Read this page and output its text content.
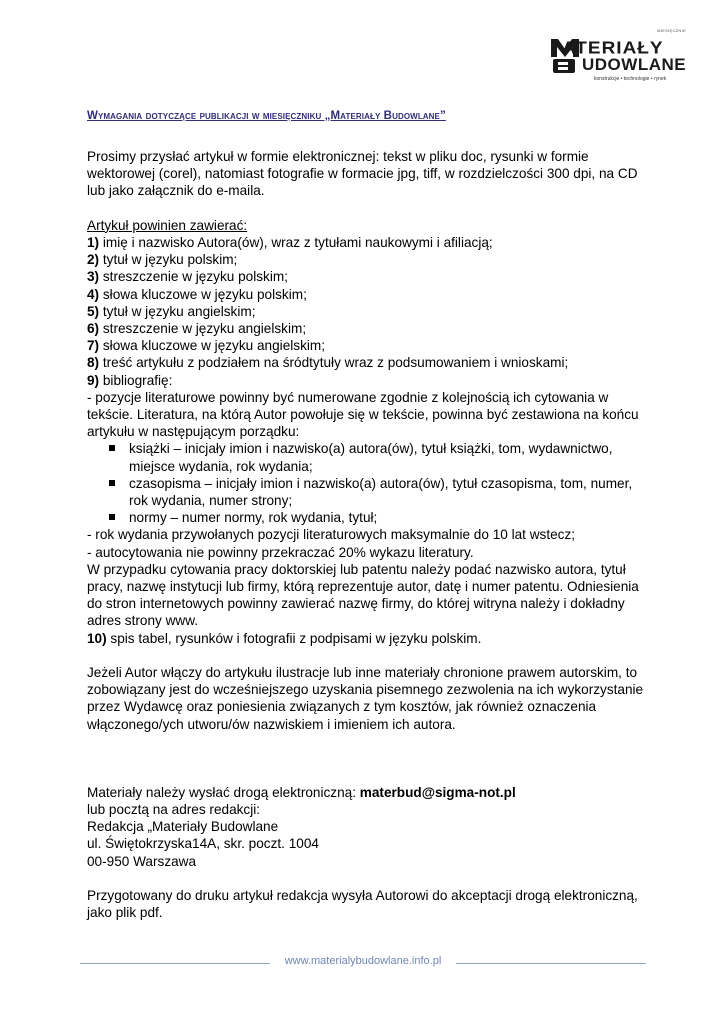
MIESIĘCZNIK
ATERIAŁY
UDOWLANE
konstrukcje • technologie • rynek
Wymagania dotyczące publikacji w miesięczniku „Materiały Budowlane”

Prosimy przysłać artykuł w formie elektronicznej: tekst w pliku doc, rysunki w formie wektorowej (corel), natomiast fotografie w formacie jpg, tiff, w rozdzielczości 300 dpi, na CD lub jako załącznik do e-maila.

Artykuł powinien zawierać:

1) imię i nazwisko Autora(ów), wraz z tytułami naukowymi i afiliacją;

2) tytuł w języku polskim;

3) streszczenie w języku polskim;

4) słowa kluczowe w języku polskim;

5) tytuł w języku angielskim;

6) streszczenie w języku angielskim;

7) słowa kluczowe w języku angielskim;

8) treść artykułu z podziałem na śródtytuły wraz z podsumowaniem i wnioskami;

9) bibliografię:

- pozycje literaturowe powinny być numerowane zgodnie z kolejnością ich cytowania w tekście. Literatura, na którą Autor powołuje się w tekście, powinna być zestawiona na końcu artykułu w następującym porządku:

książki – inicjały imion i nazwisko(a) autora(ów), tytuł książki, tom, wydawnictwo, miejsce wydania, rok wydania;
czasopisma – inicjały imion i nazwisko(a) autora(ów), tytuł czasopisma, tom, numer, rok wydania, numer strony;
normy – numer normy, rok wydania, tytuł;

- rok wydania przywołanych pozycji literaturowych maksymalnie do 10 lat wstecz;

- autocytowania nie powinny przekraczać 20% wykazu literatury.

W przypadku cytowania pracy doktorskiej lub patentu należy podać nazwisko autora, tytuł pracy, nazwę instytucji lub firmy, którą reprezentuje autor, datę i numer patentu. Odniesienia do stron internetowych powinny zawierać nazwę firmy, do której witryna należy i dokładny adres strony www.

10) spis tabel, rysunków i fotografii z podpisami w języku polskim.

Jeżeli Autor włączy do artykułu ilustracje lub inne materiały chronione prawem autorskim, to zobowiązany jest do wcześniejszego uzyskania pisemnego zezwolenia na ich wykorzystanie przez Wydawcę oraz poniesienia związanych z tym kosztów, jak również oznaczenia włączonego/ych utworu/ów nazwiskiem i imieniem ich autora.

Materiały należy wysłać drogą elektroniczną: materbud@sigma-not.pl

lub pocztą na adres redakcji:

Redakcja „Materiały Budowlane

ul. Świętokrzyska14A, skr. poczt. 1004

00-950 Warszawa

Przygotowany do druku artykuł redakcja wysyła Autorowi do akceptacji drogą elektroniczną, jako plik pdf.

www.materialybudowlane.info.pl
